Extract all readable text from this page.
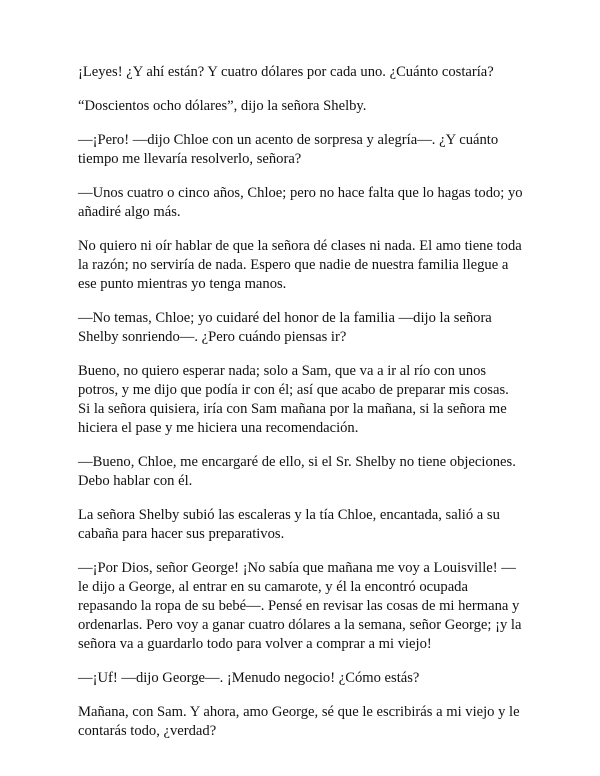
¡Leyes! ¿Y ahí están? Y cuatro dólares por cada uno. ¿Cuánto costaría?

“Doscientos ocho dólares”, dijo la señora Shelby.

—¡Pero! —dijo Chloe con un acento de sorpresa y alegría—. ¿Y cuánto
tiempo me llevaría resolverlo, señora?

—Unos cuatro o cinco años, Chloe; pero no hace falta que lo hagas todo; yo
añadiré algo más.

No quiero ni oír hablar de que la señora dé clases ni nada. El amo tiene toda
la razón; no serviría de nada. Espero que nadie de nuestra familia llegue a
ese punto mientras yo tenga manos.

—No temas, Chloe; yo cuidaré del honor de la familia —dijo la señora
Shelby sonriendo—. ¿Pero cuándo piensas ir?

Bueno, no quiero esperar nada; solo a Sam, que va a ir al río con unos
potros, y me dijo que podía ir con él; así que acabo de preparar mis cosas.
Si la señora quisiera, iría con Sam mañana por la mañana, si la señora me
hiciera el pase y me hiciera una recomendación.

—Bueno, Chloe, me encargaré de ello, si el Sr. Shelby no tiene objeciones.
Debo hablar con él.

La señora Shelby subió las escaleras y la tía Chloe, encantada, salió a su
cabaña para hacer sus preparativos.

—¡Por Dios, señor George! ¡No sabía que mañana me voy a Louisville! —
le dijo a George, al entrar en su camarote, y él la encontró ocupada
repasando la ropa de su bebé—. Pensé en revisar las cosas de mi hermana y
ordenarlas. Pero voy a ganar cuatro dólares a la semana, señor George; ¡y la
señora va a guardarlo todo para volver a comprar a mi viejo!

—¡Uf! —dijo George—. ¡Menudo negocio! ¿Cómo estás?

Mañana, con Sam. Y ahora, amo George, sé que le escribirás a mi viejo y le
contarás todo, ¿verdad?
